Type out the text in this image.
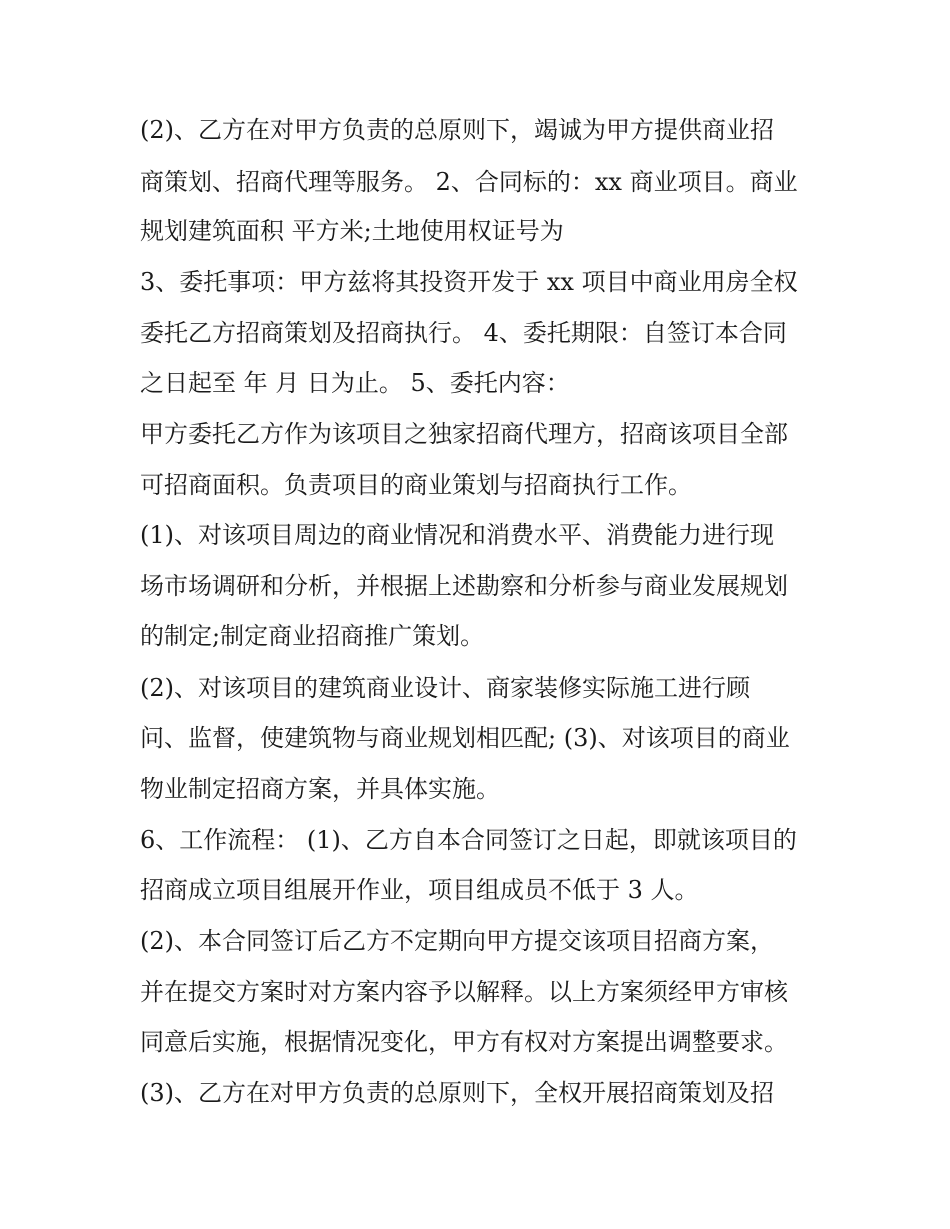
(2)、乙方在对甲方负责的总原则下，竭诚为甲方提供商业招

商策划、招商代理等服务。 2、合同标的：xx 商业项目。商业

规划建筑面积 平方米;土地使用权证号为

3、委托事项：甲方兹将其投资开发于 xx 项目中商业用房全权

委托乙方招商策划及招商执行。 4、委托期限：自签订本合同

之日起至 年 月 日为止。 5、委托内容：

甲方委托乙方作为该项目之独家招商代理方，招商该项目全部

可招商面积。负责项目的商业策划与招商执行工作。

(1)、对该项目周边的商业情况和消费水平、消费能力进行现

场市场调研和分析，并根据上述勘察和分析参与商业发展规划

的制定;制定商业招商推广策划。

(2)、对该项目的建筑商业设计、商家装修实际施工进行顾

问、监督，使建筑物与商业规划相匹配; (3)、对该项目的商业

物业制定招商方案，并具体实施。

6、工作流程： (1)、乙方自本合同签订之日起，即就该项目的

招商成立项目组展开作业，项目组成员不低于 3 人。

(2)、本合同签订后乙方不定期向甲方提交该项目招商方案，

并在提交方案时对方案内容予以解释。以上方案须经甲方审核

同意后实施，根据情况变化，甲方有权对方案提出调整要求。

(3)、乙方在对甲方负责的总原则下，全权开展招商策划及招
